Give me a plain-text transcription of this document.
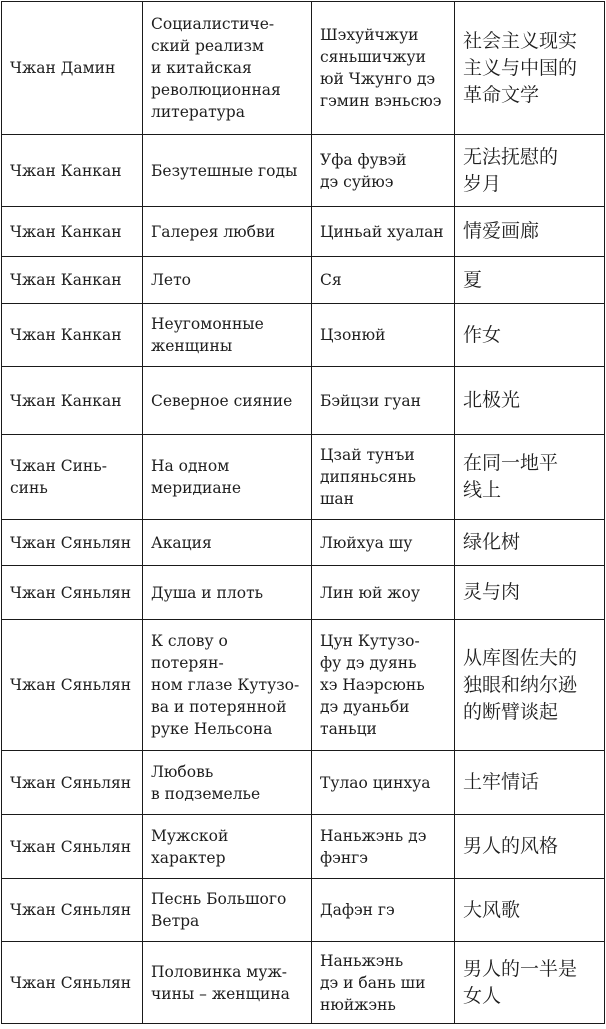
Чжан Дамин	Социалистиче-
ский реализм
и китайская
революционная
литература	Шэхуйчжуи
сяньшичжуи
юй Чжунго дэ
гэмин вэньсюэ	社会主义现实
主义与中国的
革命文学
Чжан Канкан	Безутешные годы	Уфа фувэй
дэ суйюэ	无法抚慰的
岁月
Чжан Канкан	Галерея любви	Циньай хуалан	情爱画廊
Чжан Канкан	Лето	Ся	夏
Чжан Канкан	Неугомонные
женщины	Цзонюй	作女
Чжан Канкан	Северное сияние	Бэйцзи гуан	北极光
Чжан Синь-
синь	На одном
меридиане	Цзай тунъи
дипяньсянь
шан	在同一地平
线上
Чжан Сяньлян	Акация	Люйхуа шу	绿化树
Чжан Сяньлян	Душа и плоть	Лин юй жоу	灵与肉
Чжан Сяньлян	К слову о потерян-
ном глазе Кутузо-
ва и потерянной
руке Нельсона	Цун Кутузо-
фу дэ дуянь
хэ Наэрсюнь
дэ дуаньби
таньци	从库图佐夫的
独眼和纳尔逊
的断臂谈起
Чжан Сяньлян	Любовь
в подземелье	Тулао цинхуа	土牢情话
Чжан Сяньлян	Мужской характер	Наньжэнь дэ
фэнгэ	男人的风格
Чжан Сяньлян	Песнь Большого
Ветра	Дафэн гэ	大风歌
Чжан Сяньлян	Половинка муж-
чины – женщина	Наньжэнь
дэ и бань ши
нюйжэнь	男人的一半是
女人
